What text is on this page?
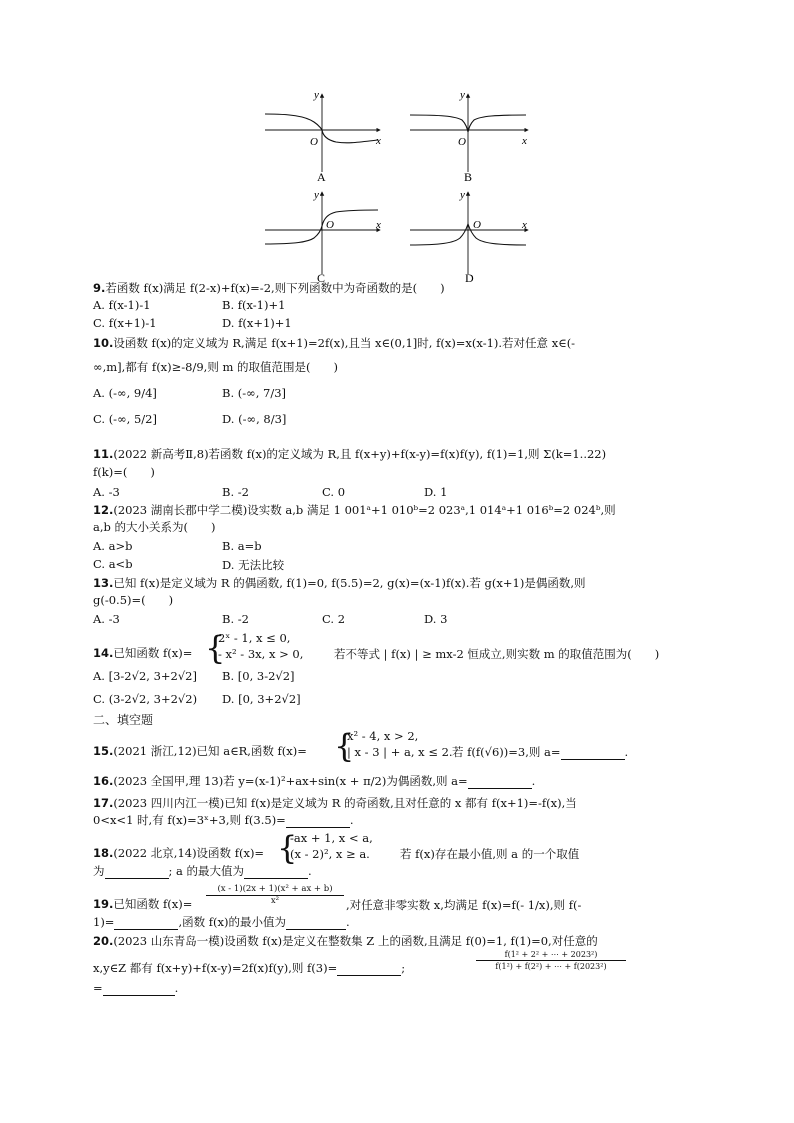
y
x
O
A
y
x
O
B
y
x
O
C
y
x
O
D
9.若函数 f(x)满足 f(2-x)+f(x)=-2,则下列函数中为奇函数的是(　　)
A. f(x-1)-1	B. f(x-1)+1
C. f(x+1)-1	D. f(x+1)+1
10.设函数 f(x)的定义域为 R,满足 f(x+1)=2f(x),且当 x∈(0,1]时, f(x)=x(x-1).若对任意 x∈(-
∞,m],都有 f(x)≥-8/9,则 m 的取值范围是(　　)
A. (-∞, 9/4]	B. (-∞, 7/3]
C. (-∞, 5/2]	D. (-∞, 8/3]
11.(2022 新高考Ⅱ,8)若函数 f(x)的定义域为 R,且 f(x+y)+f(x-y)=f(x)f(y), f(1)=1,则 Σ(k=1..22)
f(k)=(　　)
A. -3	B. -2	C. 0	D. 1
12.(2023 湖南长郡中学二模)设实数 a,b 满足 1 001ᵃ+1 010ᵇ=2 023ᵃ,1 014ᵃ+1 016ᵇ=2 024ᵇ,则
a,b 的大小关系为(　　)
A. a>b	B. a=b
C. a<b	D. 无法比较
13.已知 f(x)是定义域为 R 的偶函数, f(1)=0, f(5.5)=2, g(x)=(x-1)f(x).若 g(x+1)是偶函数,则
g(-0.5)=(　　)
A. -3	B. -2	C. 2	D. 3
14.已知函数 f(x)= {
2ˣ - 1, x ≤ 0,
- x² - 3x, x > 0,	若不等式 | f(x) | ≥ mx-2 恒成立,则实数 m 的取值范围为(　　)
A. [3-2√2, 3+2√2] B. [0, 3-2√2]
C. (3-2√2, 3+2√2) D. [0, 3+2√2]
二、填空题
15.(2021 浙江,12)已知 a∈R,函数 f(x)= {
x² - 4, x > 2,
| x - 3 | + a, x ≤ 2. 若 f(f(√6))=3,则 a=	.
16.(2023 全国甲,理 13)若 y=(x-1)²+ax+sin(x + π/2)为偶函数,则 a=	.
17.(2023 四川内江一模)已知 f(x)是定义域为 R 的奇函数,且对任意的 x 都有 f(x+1)=-f(x),当
0<x<1 时,有 f(x)=3ˣ+3,则 f(3.5)=	.
18.(2022 北京,14)设函数 f(x)= {
-ax + 1, x < a,
(x - 2)², x ≥ a.	若 f(x)存在最小值,则 a 的一个取值
为	; a 的最大值为	.
19.已知函数 f(x)=	$\frac{\text{(x - 1)(2x + 1)(x² + ax + b)}}{\text{x²}}$ ,对任意非零实数 x,均满足 f(x)=f(- 1/x),则 f(-
1)=	,函数 f(x)的最小值为	.
20.(2023 山东青岛一模)设函数 f(x)是定义在整数集 Z 上的函数,且满足 f(0)=1, f(1)=0,对任意的
x,y∈Z 都有 f(x+y)+f(x-y)=2f(x)f(y),则 f(3)=	;	$\frac{\text{f(1² + 2² + ⋯ + 2023²)}}{\text{f(1²) + f(2²) + ⋯ + f(2023²)}}$
=	.
